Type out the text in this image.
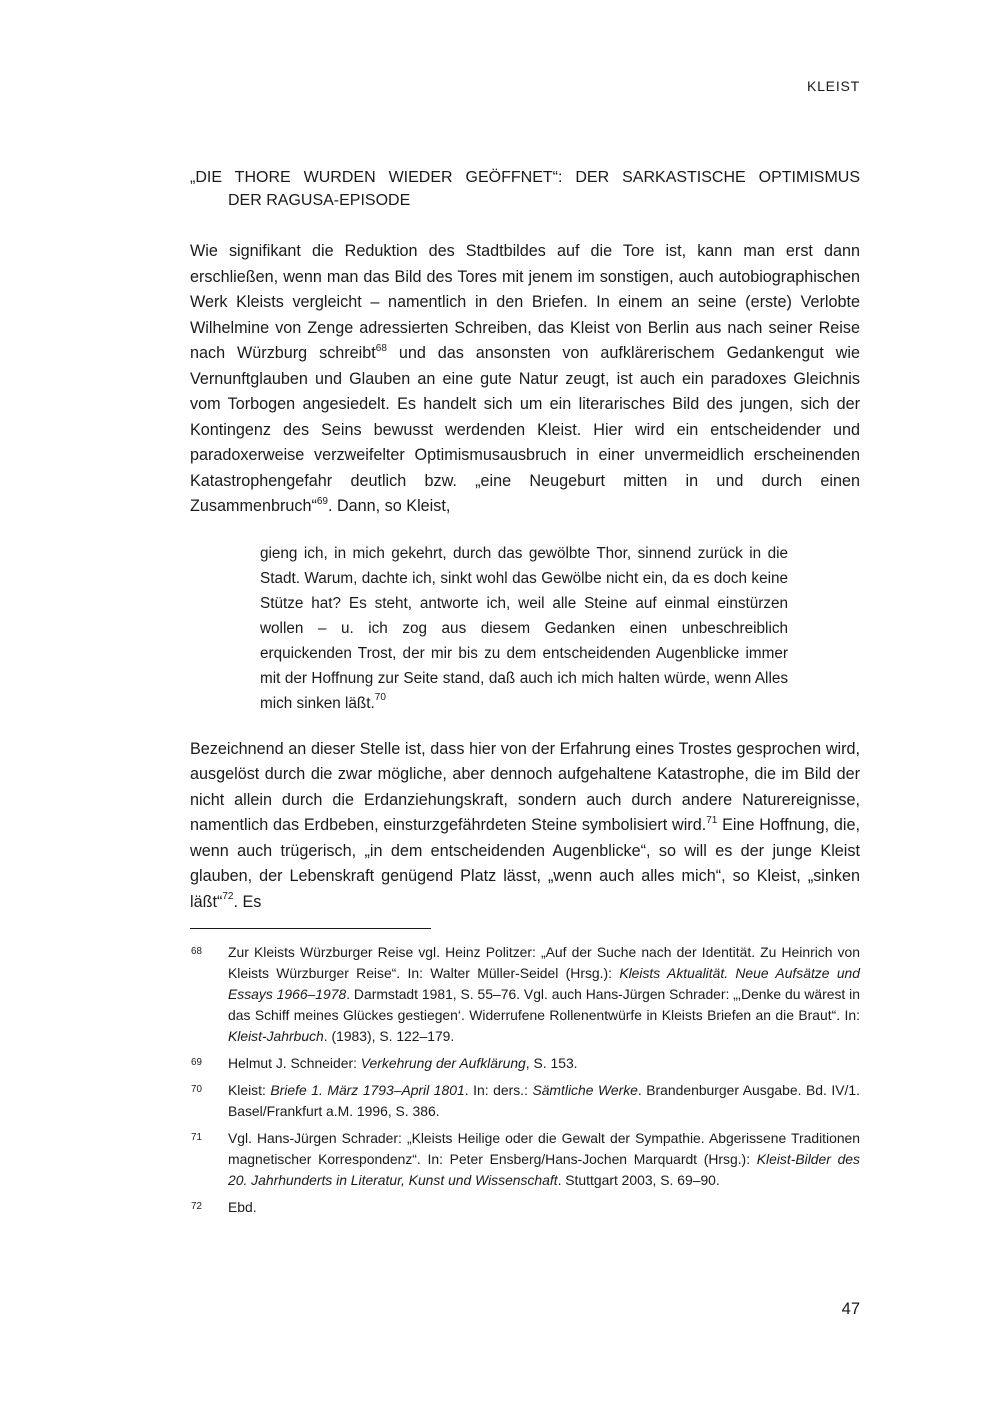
KLEIST
„DIE THORE WURDEN WIEDER GEÖFFNET“: DER SARKASTISCHE OPTIMISMUS
DER RAGUSA-EPISODE

Wie signifikant die Reduktion des Stadtbildes auf die Tore ist, kann man erst dann erschließen, wenn man das Bild des Tores mit jenem im sonstigen, auch autobiographischen Werk Kleists vergleicht – namentlich in den Briefen. In einem an seine (erste) Verlobte Wilhelmine von Zenge adressierten Schreiben, das Kleist von Berlin aus nach seiner Reise nach Würzburg schreibt$^{68}$ und das ansonsten von aufklärerischem Gedankengut wie Vernunftglauben und Glauben an eine gute Natur zeugt, ist auch ein paradoxes Gleichnis vom Torbogen angesiedelt. Es handelt sich um ein literarisches Bild des jungen, sich der Kontingenz des Seins bewusst werdenden Kleist. Hier wird ein entscheidender und paradoxerweise verzweifelter Optimismusausbruch in einer unvermeidlich erscheinenden Katastrophengefahr deutlich bzw. „eine Neugeburt mitten in und durch einen Zusammenbruch“$^{69}$. Dann, so Kleist,

gieng ich, in mich gekehrt, durch das gewölbte Thor, sinnend zurück in die Stadt. Warum, dachte ich, sinkt wohl das Gewölbe nicht ein, da es doch keine Stütze hat? Es steht, antworte ich, weil alle Steine auf einmal einstürzen wollen – u. ich zog aus diesem Gedanken einen unbeschreiblich erquickenden Trost, der mir bis zu dem entscheidenden Augenblicke immer mit der Hoffnung zur Seite stand, daß auch ich mich halten würde, wenn Alles mich sinken läßt.$^{70}$

Bezeichnend an dieser Stelle ist, dass hier von der Erfahrung eines Trostes gesprochen wird, ausgelöst durch die zwar mögliche, aber dennoch aufgehaltene Katastrophe, die im Bild der nicht allein durch die Erdanziehungskraft, sondern auch durch andere Naturereignisse, namentlich das Erdbeben, einsturzgefährdeten Steine symbolisiert wird.$^{71}$ Eine Hoffnung, die, wenn auch trügerisch, „in dem entscheidenden Augenblicke“, so will es der junge Kleist glauben, der Lebenskraft genügend Platz lässt, „wenn auch alles mich“, so Kleist, „sinken läßt“$^{72}$. Es

68 Zur Kleists Würzburger Reise vgl. Heinz Politzer: „Auf der Suche nach der Identität. Zu Heinrich von Kleists Würzburger Reise“. In: Walter Müller-Seidel (Hrsg.): Kleists Aktualität. Neue Aufsätze und Essays 1966–1978. Darmstadt 1981, S. 55–76. Vgl. auch Hans-Jürgen Schrader: „‚Denke du wärest in das Schiff meines Glückes gestiegen‘. Widerrufene Rollenentwürfe in Kleists Briefen an die Braut“. In: Kleist-Jahrbuch. (1983), S. 122–179.
69 Helmut J. Schneider: Verkehrung der Aufklärung, S. 153.
70 Kleist: Briefe 1. März 1793–April 1801. In: ders.: Sämtliche Werke. Brandenburger Ausgabe. Bd. IV/1. Basel/Frankfurt a.M. 1996, S. 386.
71 Vgl. Hans-Jürgen Schrader: „Kleists Heilige oder die Gewalt der Sympathie. Abgerissene Traditionen magnetischer Korrespondenz“. In: Peter Ensberg/Hans-Jochen Marquardt (Hrsg.): Kleist-Bilder des 20. Jahrhunderts in Literatur, Kunst und Wissenschaft. Stuttgart 2003, S. 69–90.
72 Ebd.
47
